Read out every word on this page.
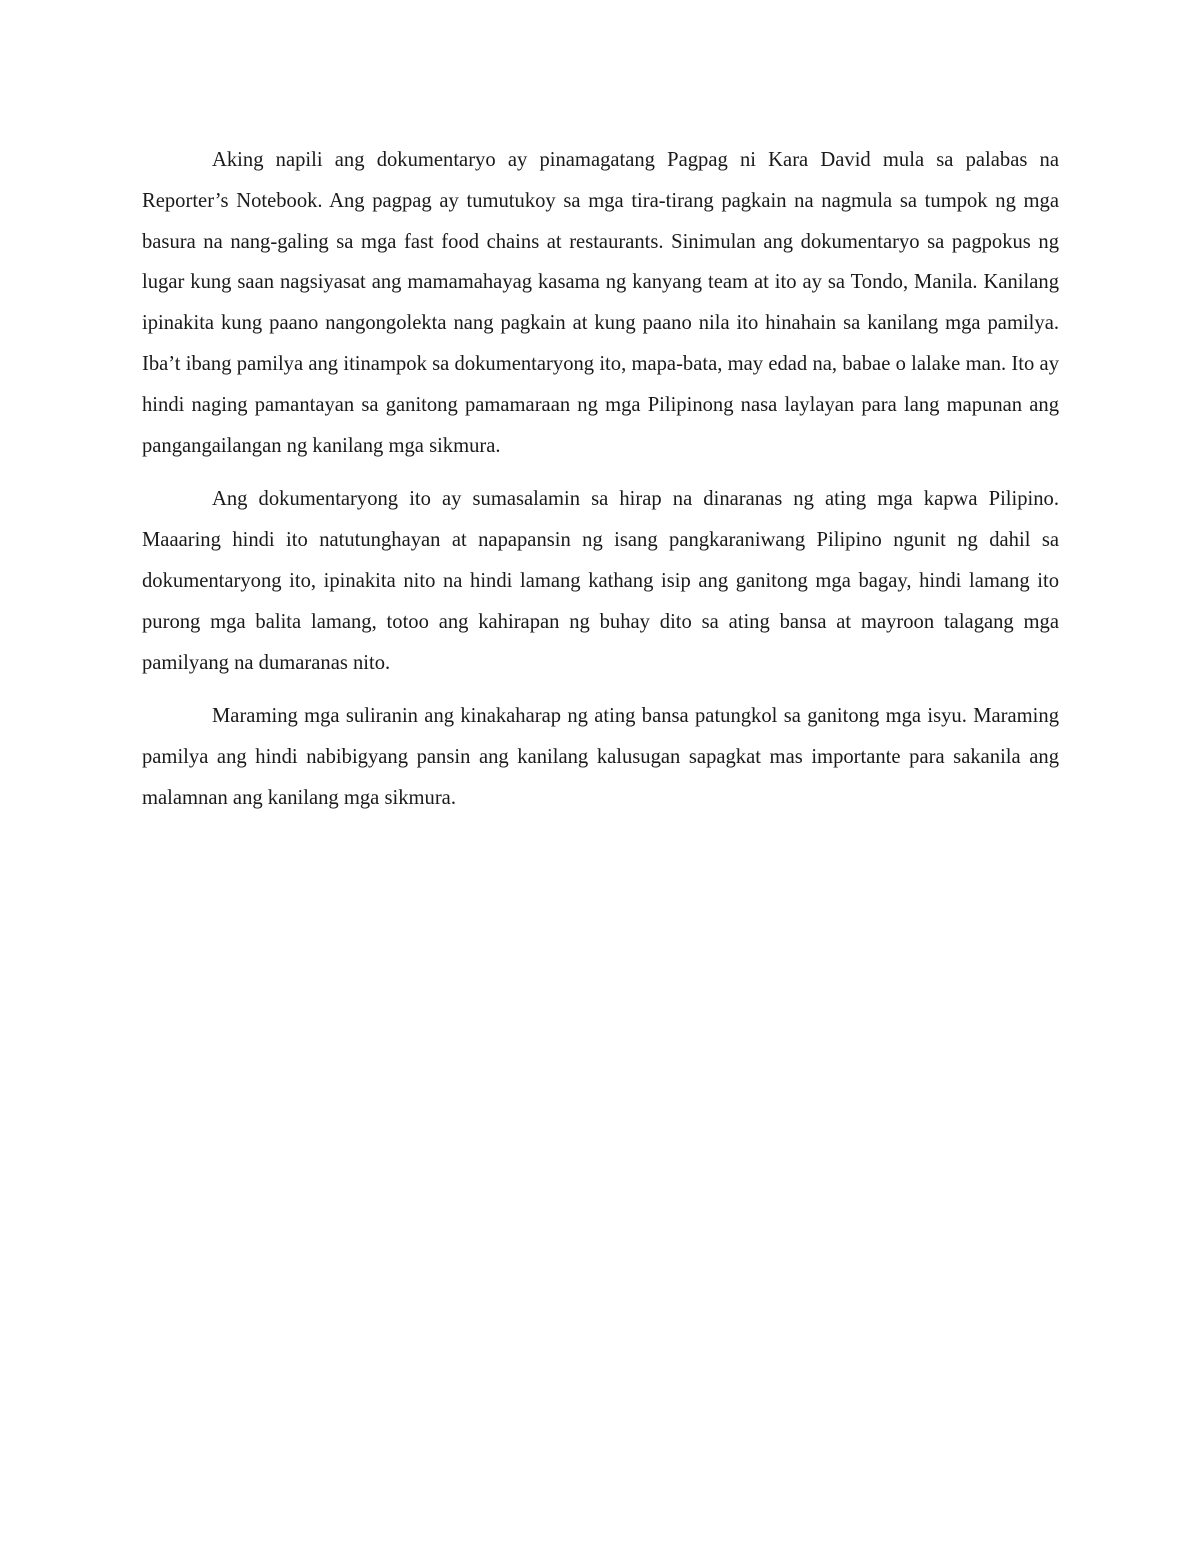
Aking napili ang dokumentaryo ay pinamagatang Pagpag ni Kara David mula sa palabas na Reporter’s Notebook. Ang pagpag ay tumutukoy sa mga tira-tirang pagkain na nagmula sa tumpok ng mga basura na nang-galing sa mga fast food chains at restaurants. Sinimulan ang dokumentaryo sa pagpokus ng lugar kung saan nagsiyasat ang mamamahayag kasama ng kanyang team at ito ay sa Tondo, Manila. Kanilang ipinakita kung paano nangongolekta nang pagkain at kung paano nila ito hinahain sa kanilang mga pamilya. Iba’t ibang pamilya ang itinampok sa dokumentaryong ito, mapa-bata, may edad na, babae o lalake man. Ito ay hindi naging pamantayan sa ganitong pamamaraan ng mga Pilipinong nasa laylayan para lang mapunan ang pangangailangan ng kanilang mga sikmura.

Ang dokumentaryong ito ay sumasalamin sa hirap na dinaranas ng ating mga kapwa Pilipino. Maaaring hindi ito natutunghayan at napapansin ng isang pangkaraniwang Pilipino ngunit ng dahil sa dokumentaryong ito, ipinakita nito na hindi lamang kathang isip ang ganitong mga bagay, hindi lamang ito purong mga balita lamang, totoo ang kahirapan ng buhay dito sa ating bansa at mayroon talagang mga pamilyang na dumaranas nito.

Maraming mga suliranin ang kinakaharap ng ating bansa patungkol sa ganitong mga isyu. Maraming pamilya ang hindi nabibigyang pansin ang kanilang kalusugan sapagkat mas importante para sakanila ang malamnan ang kanilang mga sikmura.
